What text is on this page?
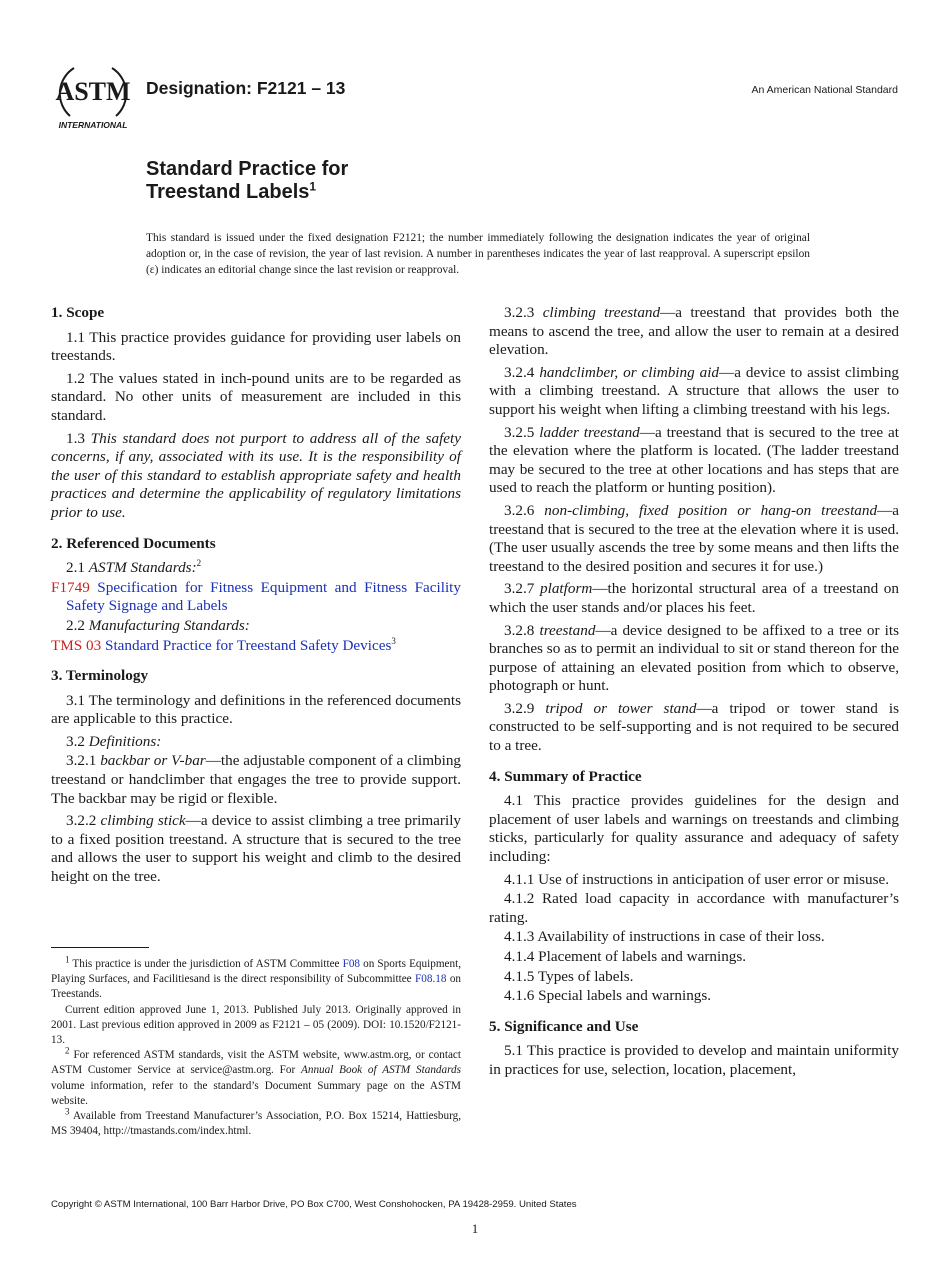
ASTM
INTERNATIONAL
Designation: F2121 – 13	An American National Standard
Standard Practice for
Treestand Labels$^1$
This standard is issued under the fixed designation F2121; the number immediately following the designation indicates the year of original adoption or, in the case of revision, the year of last revision. A number in parentheses indicates the year of last reapproval. A superscript epsilon (ε) indicates an editorial change since the last revision or reapproval.
1. Scope

1.1 This practice provides guidance for providing user labels on treestands.

1.2 The values stated in inch-pound units are to be regarded as standard. No other units of measurement are included in this standard.

1.3 This standard does not purport to address all of the safety concerns, if any, associated with its use. It is the responsibility of the user of this standard to establish appropriate safety and health practices and determine the applicability of regulatory limitations prior to use.

2. Referenced Documents

2.1 ASTM Standards:$^2$

F1749 Specification for Fitness Equipment and Fitness Facility Safety Signage and Labels

2.2 Manufacturing Standards:

TMS 03 Standard Practice for Treestand Safety Devices$^3$

3. Terminology

3.1 The terminology and definitions in the referenced documents are applicable to this practice.

3.2 Definitions:

3.2.1 backbar or V-bar—the adjustable component of a climbing treestand or handclimber that engages the tree to provide support. The backbar may be rigid or flexible.

3.2.2 climbing stick—a device to assist climbing a tree primarily to a fixed position treestand. A structure that is secured to the tree and allows the user to support his weight and climb to the desired height on the tree.

$^1$ This practice is under the jurisdiction of ASTM Committee F08 on Sports Equipment, Playing Surfaces, and Facilitiesand is the direct responsibility of Subcommittee F08.18 on Treestands.

Current edition approved June 1, 2013. Published July 2013. Originally approved in 2001. Last previous edition approved in 2009 as F2121 – 05 (2009). DOI: 10.1520/F2121-13.

$^2$ For referenced ASTM standards, visit the ASTM website, www.astm.org, or contact ASTM Customer Service at service@astm.org. For Annual Book of ASTM Standards volume information, refer to the standard’s Document Summary page on the ASTM website.

$^3$ Available from Treestand Manufacturer’s Association, P.O. Box 15214, Hattiesburg, MS 39404, http://tmastands.com/index.html.

3.2.3 climbing treestand—a treestand that provides both the means to ascend the tree, and allow the user to remain at a desired elevation.

3.2.4 handclimber, or climbing aid—a device to assist climbing with a climbing treestand. A structure that allows the user to support his weight when lifting a climbing treestand with his legs.

3.2.5 ladder treestand—a treestand that is secured to the tree at the elevation where the platform is located. (The ladder treestand may be secured to the tree at other locations and has steps that are used to reach the platform or hunting position).

3.2.6 non-climbing, fixed position or hang-on treestand—a treestand that is secured to the tree at the elevation where it is used. (The user usually ascends the tree by some means and then lifts the treestand to the desired position and secures it for use.)

3.2.7 platform—the horizontal structural area of a treestand on which the user stands and/or places his feet.

3.2.8 treestand—a device designed to be affixed to a tree or its branches so as to permit an individual to sit or stand thereon for the purpose of attaining an elevated position from which to observe, photograph or hunt.

3.2.9 tripod or tower stand—a tripod or tower stand is constructed to be self-supporting and is not required to be secured to a tree.

4. Summary of Practice

4.1 This practice provides guidelines for the design and placement of user labels and warnings on treestands and climbing sticks, particularly for quality assurance and adequacy of safety including:

4.1.1 Use of instructions in anticipation of user error or misuse.

4.1.2 Rated load capacity in accordance with manufacturer’s rating.

4.1.3 Availability of instructions in case of their loss.

4.1.4 Placement of labels and warnings.

4.1.5 Types of labels.

4.1.6 Special labels and warnings.

5. Significance and Use

5.1 This practice is provided to develop and maintain uniformity in practices for use, selection, location, placement,

Copyright © ASTM International, 100 Barr Harbor Drive, PO Box C700, West Conshohocken, PA 19428-2959. United States
1
